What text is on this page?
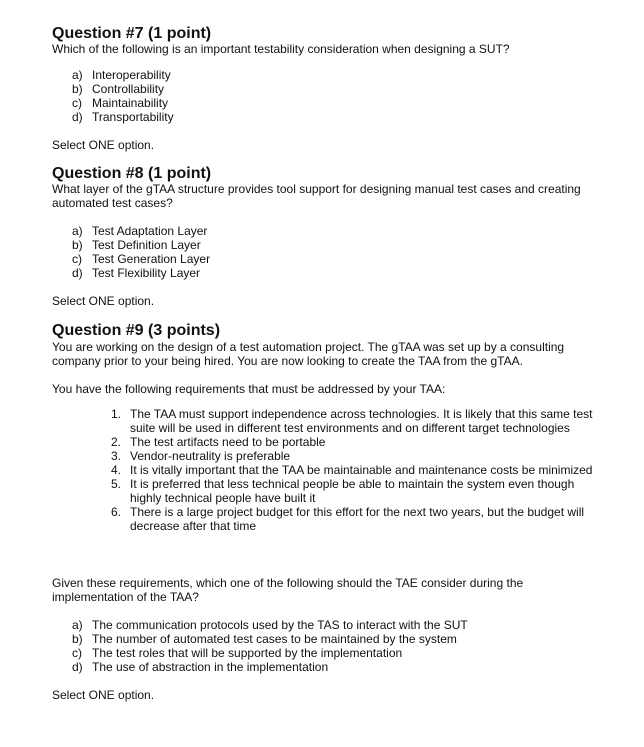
Question #7 (1 point)

Which of the following is an important testability consideration when designing a SUT?

a) Interoperability
b) Controllability
c) Maintainability
d) Transportability

Select ONE option.

Question #8 (1 point)

What layer of the gTAA structure provides tool support for designing manual test cases and creating automated test cases?

a) Test Adaptation Layer
b) Test Definition Layer
c) Test Generation Layer
d) Test Flexibility Layer

Select ONE option.

Question #9 (3 points)

You are working on the design of a test automation project. The gTAA was set up by a consulting company prior to your being hired. You are now looking to create the TAA from the gTAA.

You have the following requirements that must be addressed by your TAA:

1. The TAA must support independence across technologies. It is likely that this same test suite will be used in different test environments and on different target technologies
2. The test artifacts need to be portable
3. Vendor-neutrality is preferable
4. It is vitally important that the TAA be maintainable and maintenance costs be minimized
5. It is preferred that less technical people be able to maintain the system even though highly technical people have built it
6. There is a large project budget for this effort for the next two years, but the budget will decrease after that time

Given these requirements, which one of the following should the TAE consider during the implementation of the TAA?

a) The communication protocols used by the TAS to interact with the SUT
b) The number of automated test cases to be maintained by the system
c) The test roles that will be supported by the implementation
d) The use of abstraction in the implementation

Select ONE option.
